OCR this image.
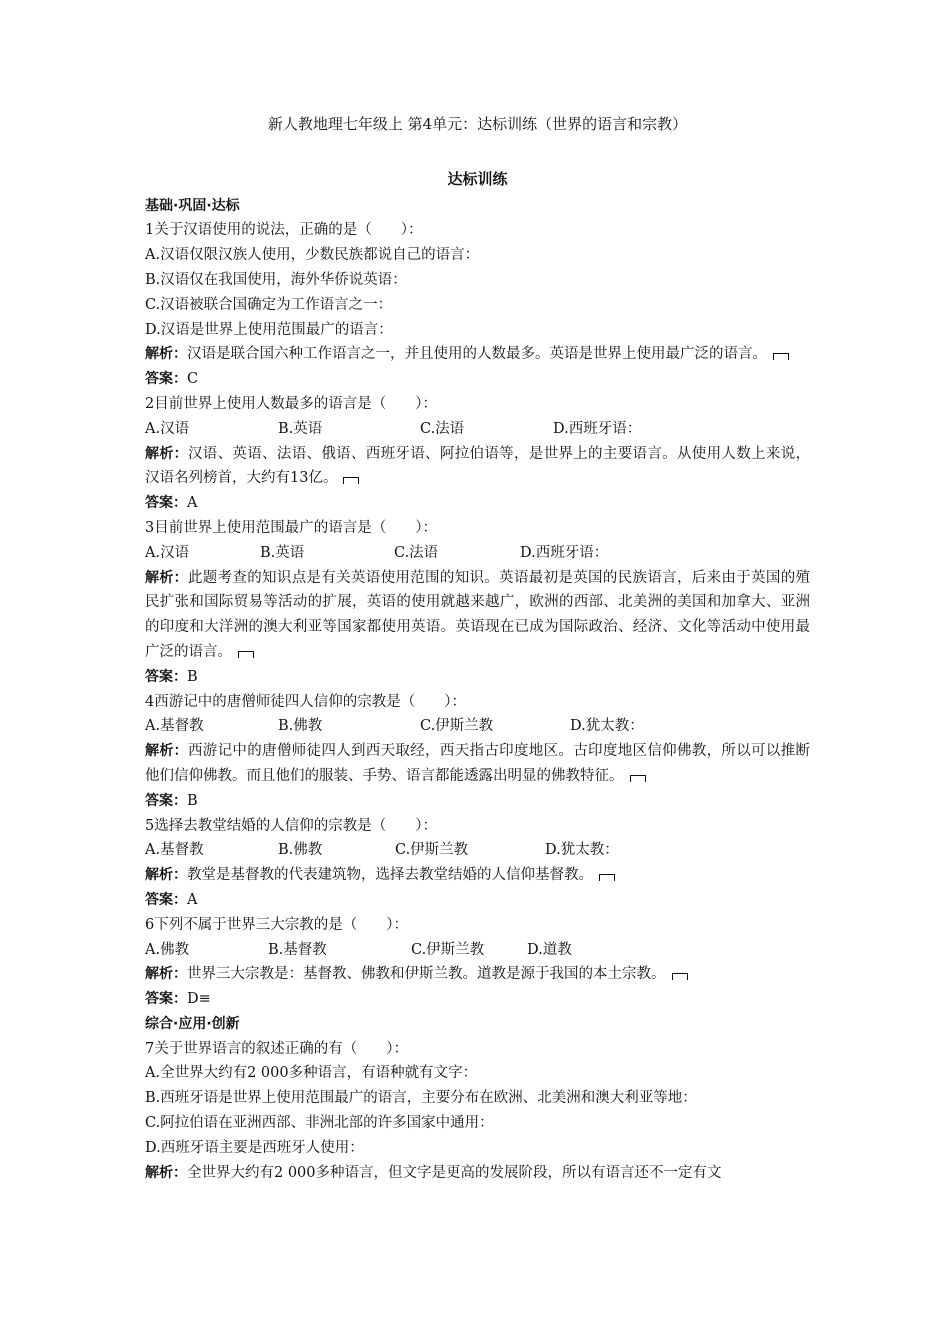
新人教地理七年级上 第4单元：达标训练（世界的语言和宗教）
达标训练
基础·巩固·达标
1关于汉语使用的说法，正确的是（　　）：
A.汉语仅限汉族人使用，少数民族都说自己的语言：
B.汉语仅在我国使用，海外华侨说英语：
C.汉语被联合国确定为工作语言之一：
D.汉语是世界上使用范围最广的语言：
解析：汉语是联合国六种工作语言之一，并且使用的人数最多。英语是世界上使用最广泛的语言。
答案：C
2目前世界上使用人数最多的语言是（　　）：
A.汉语	B.英语	C.法语	D.西班牙语：
解析：汉语、英语、法语、俄语、西班牙语、阿拉伯语等，是世界上的主要语言。从使用人数上来说，汉语名列榜首，大约有13亿。
答案：A
3目前世界上使用范围最广的语言是（　　）：
A.汉语	B.英语	C.法语	D.西班牙语：
解析：此题考查的知识点是有关英语使用范围的知识。英语最初是英国的民族语言，后来由于英国的殖民扩张和国际贸易等活动的扩展，英语的使用就越来越广，欧洲的西部、北美洲的美国和加拿大、亚洲的印度和大洋洲的澳大利亚等国家都使用英语。英语现在已成为国际政治、经济、文化等活动中使用最广泛的语言。
答案：B
4西游记中的唐僧师徒四人信仰的宗教是（　　）：
A.基督教	B.佛教	C.伊斯兰教	D.犹太教：
解析：西游记中的唐僧师徒四人到西天取经，西天指古印度地区。古印度地区信仰佛教，所以可以推断他们信仰佛教。而且他们的服装、手势、语言都能透露出明显的佛教特征。
答案：B
5选择去教堂结婚的人信仰的宗教是（　　）：
A.基督教	B.佛教	C.伊斯兰教	D.犹太教：
解析：教堂是基督教的代表建筑物，选择去教堂结婚的人信仰基督教。
答案：A
6下列不属于世界三大宗教的是（　　）：
A.佛教	B.基督教	C.伊斯兰教	D.道教
解析：世界三大宗教是：基督教、佛教和伊斯兰教。道教是源于我国的本土宗教。
答案：D≡
综合·应用·创新
7关于世界语言的叙述正确的有（　　）：
A.全世界大约有2 000多种语言，有语种就有文字：
B.西班牙语是世界上使用范围最广的语言，主要分布在欧洲、北美洲和澳大利亚等地：
C.阿拉伯语在亚洲西部、非洲北部的许多国家中通用：
D.西班牙语主要是西班牙人使用：
解析：全世界大约有2 000多种语言，但文字是更高的发展阶段，所以有语言还不一定有文
